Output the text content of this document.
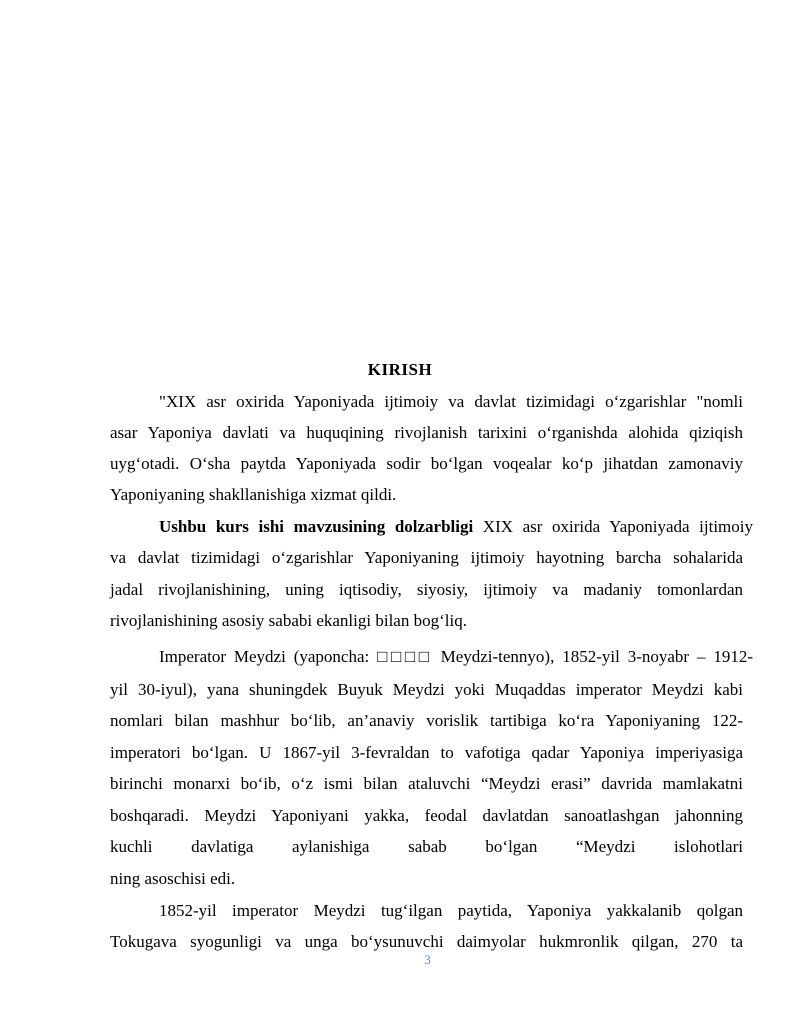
KIRISH

"XIX asr oxirida Yaponiyada ijtimoiy va davlat tizimidagi o‘zgarishlar "nomli

asar Yaponiya davlati va huquqining rivojlanish tarixini o‘rganishda alohida qiziqish

uyg‘otadi. O‘sha paytda Yaponiyada sodir bo‘lgan voqealar ko‘p jihatdan zamonaviy

Yaponiyaning shakllanishiga xizmat qildi.

Ushbu kurs ishi mavzusining dolzarbligi XIX asr oxirida Yaponiyada ijtimoiy

va davlat tizimidagi o‘zgarishlar Yaponiyaning ijtimoiy hayotning barcha sohalarida

jadal rivojlanishining, uning iqtisodiy, siyosiy, ijtimoiy va madaniy tomonlardan

rivojlanishining asosiy sababi ekanligi bilan bog‘liq.

Imperator Meydzi (yaponcha: □□□□ Meydzi-tennyo), 1852-yil 3-noyabr – 1912-

yil 30-iyul), yana shuningdek Buyuk Meydzi yoki Muqaddas imperator Meydzi kabi

nomlari bilan mashhur bo‘lib, an’anaviy vorislik tartibiga ko‘ra Yaponiyaning 122-

imperatori bo‘lgan. U 1867-yil 3-fevraldan to vafotiga qadar Yaponiya imperiyasiga

birinchi monarxi bo‘ib, o‘z ismi bilan ataluvchi “Meydzi erasi” davrida mamlakatni

boshqaradi. Meydzi Yaponiyani yakka, feodal davlatdan sanoatlashgan jahonning

kuchli davlatiga aylanishiga sabab bo‘lgan “Meydzi islohotlari

ning asoschisi edi.

1852-yil imperator Meydzi tug‘ilgan paytida, Yaponiya yakkalanib qolgan

Tokugava syogunligi va unga bo‘ysunuvchi daimyolar hukmronlik qilgan, 270 ta

3
